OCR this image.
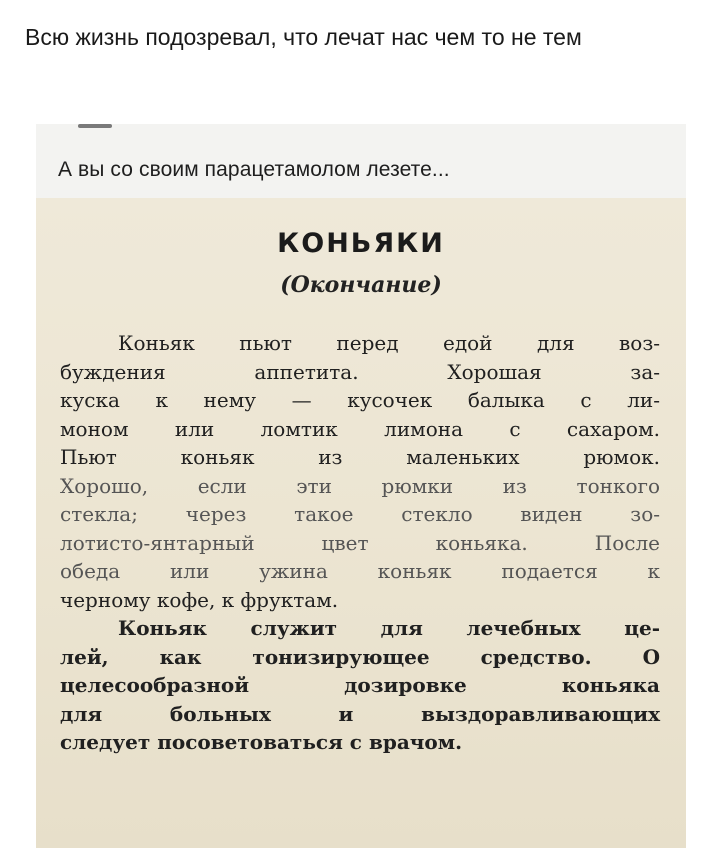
Всю жизнь подозревал, что лечат нас чем то не тем
А вы со своим парацетамолом лезете...
КОНЬЯКИ
(Окончание)
Коньяк пьют перед едой для воз-
буждения аппетита. Хорошая за-
куска к нему — кусочек балыка с ли-
моном или ломтик лимона с сахаром.
Пьют коньяк из маленьких рюмок.
Хорошо, если эти рюмки из тонкого
стекла; через такое стекло виден зо-
лотисто-янтарный цвет коньяка. После
обеда или ужина коньяк подается к
черному кофе, к фруктам.
Коньяк служит для лечебных це-
лей, как тонизирующее средство. О
целесообразной дозировке коньяка
для больных и выздоравливающих
следует посоветоваться с врачом.
